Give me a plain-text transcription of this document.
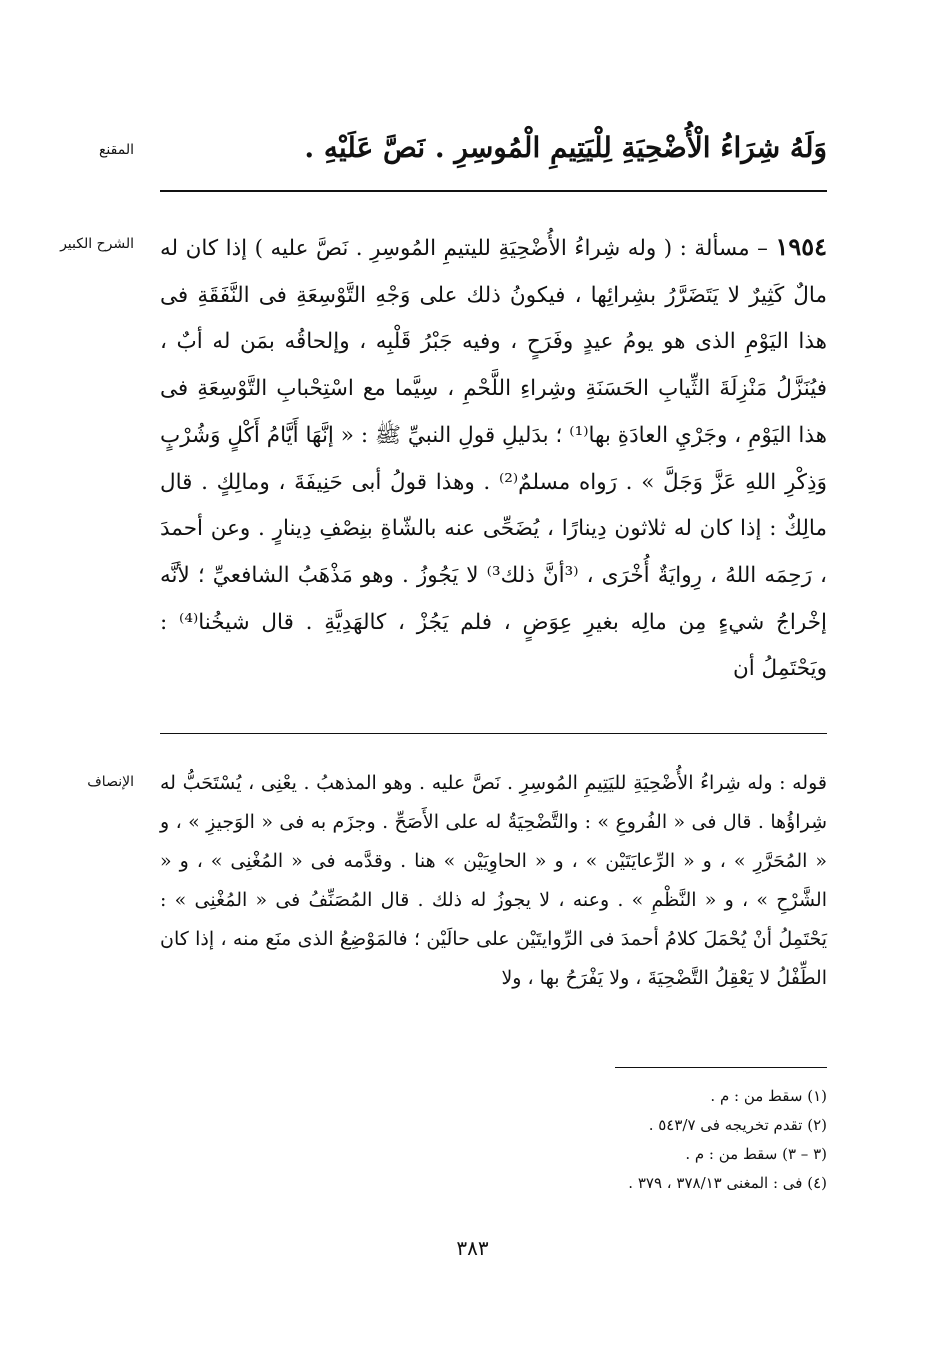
المقنع	وَلَهُ شِرَاءُ الْأُضْحِيَةِ لِلْيَتِيمِ الْمُوسِرِ . نَصَّ عَلَيْهِ .
الشرح الكبير	١٩٥٤ – مسألة : ( وله شِراءُ الأُضْحِيَةِ لليتيمِ المُوسِرِ . نَصَّ عليه ) إذا كان له مالٌ كَثِيرٌ لا يَتَضَرَّرُ بشِرائِها ، فيكونُ ذلك على وَجْهِ التَّوْسِعَةِ فى النَّفَقَةِ فى هذا اليَوْمِ الذى هو يومُ عيدٍ وفَرَحٍ ، وفيه جَبْرُ قَلْبِه ، وإلحاقُه بمَن له أبٌ ، فيُنَزَّلُ مَنْزِلَةَ الثِّيابِ الحَسَنَةِ وشِراءِ اللَّحْمِ ، سِيَّما مع اسْتِحْبابِ التَّوْسِعَةِ فى هذا اليَوْمِ ، وجَرْيِ العادَةِ بها⁽¹⁾ ؛ بدَليلِ قولِ النبيِّ ﷺ : « إنَّهَا أَيَّامُ أَكْلٍ وَشُرْبٍ وَذِكْرِ اللهِ عَزَّ وَجَلَّ » . رَواه مسلمٌ⁽²⁾ . وهذا قولُ أبى حَنِيفَةَ ، ومالِكٍ . قال مالِكٌ : إذا كان له ثلاثون دِينارًا ، يُضَحِّى عنه بالشّاةِ بنِصْفِ دِينارٍ . وعن أحمدَ ، رَحِمَه اللهُ ، رِوايَةٌ أُخْرَى ، ⁽³أنَّ ذلك³⁾ لا يَجُوزُ . وهو مَذْهَبُ الشافعيِّ ؛ لأنَّه إخْراجُ شيءٍ مِن مالِه بغيرِ عِوَضٍ ، فلم يَجُزْ ، كالهَدِيَّةِ . قال شيخُنا⁽⁴⁾ : ويَحْتَمِلُ أن

الإنصاف قوله : وله شِراءُ الأُضْحِيَةِ لليَتِيمِ المُوسِرِ . نَصَّ عليه . وهو المذهبُ . يعْنِى ، يُسْتَحَبُّ له شِراؤُها . قال فى « الفُروعِ » : والتَّضْحِيَةُ له على الأَصَحِّ . وجزَم به فى « الوَجيزِ » ، و « المُحَرَّرِ » ، و « الرِّعايَتَيْن » ، و « الحاوِيَيْن » هنا . وقدَّمه فى « المُغْنِى » ، و « الشَّرْحِ » ، و « النَّظْمِ » . وعنه ، لا يجوزُ له ذلك . قال المُصَنِّفُ فى « المُغْنِى » : يَحْتَمِلُ أنْ يُحْمَلَ كلامُ أحمدَ فى الرِّوايتَيْن على حالَيْن ؛ فالمَوْضِعُ الذى منَع منه ، إذا كان الطِّفْلُ لا يَعْقِلُ التَّضْحِيَةَ ، ولا يَفْرَحُ بها ، ولا

(١) سقط من : م .
(٢) تقدم تخريجه فى ٥٤٣/٧ .
(٣ – ٣) سقط من : م .
(٤) فى : المغنى ٣٧٨/١٣ ، ٣٧٩ .
٣٨٣
